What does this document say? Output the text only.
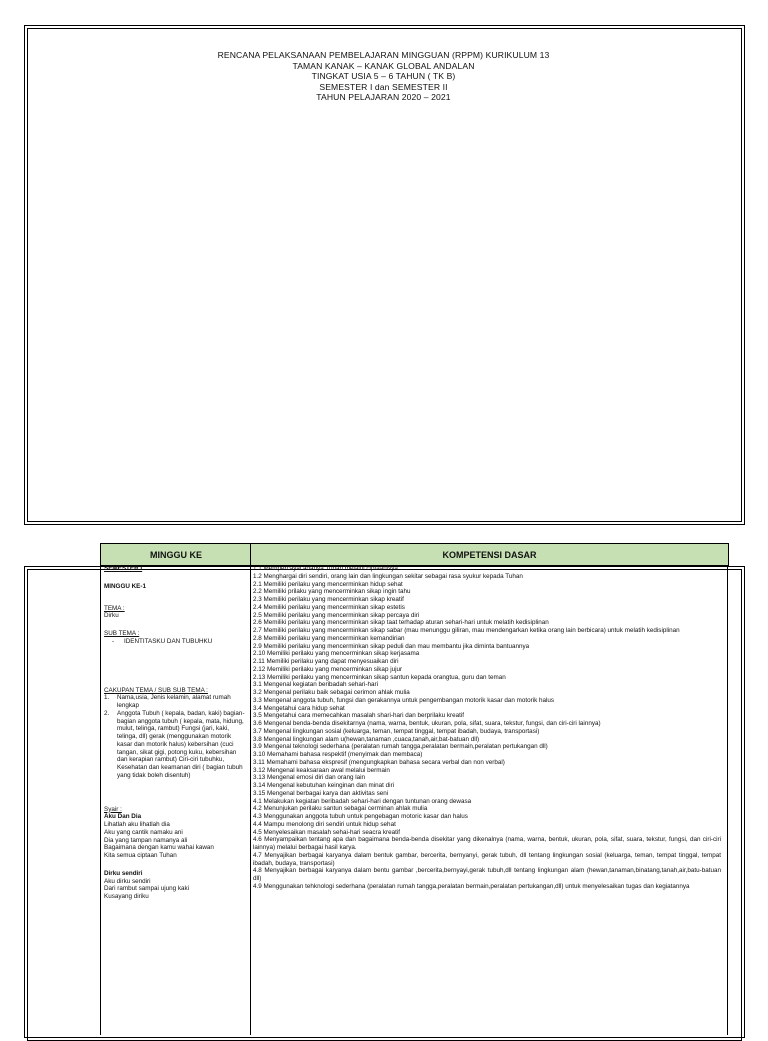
RENCANA PELAKSANAAN PEMBELAJARAN MINGGUAN (RPPM) KURIKULUM 13
TAMAN KANAK – KANAK GLOBAL ANDALAN
TINGKAT USIA 5 – 6 TAHUN ( TK B)
SEMESTER I dan SEMESTER II
TAHUN PELAJARAN 2020 – 2021
MINGGU KE	KOMPETENSI DASAR
SEMESTER I
MINGGU KE-1
TEMA :
Dirku
SUB TEMA :
-	IDENTITASKU DAN TUBUHKU
CAKUPAN TEMA / SUB SUB TEMA :
1.	Nama,usia, Jenis kelamin, alamat rumah lengkap
2.	Anggota Tubuh ( kepala, badan, kaki) bagian-bagian anggota tubuh ( kepala, mata, hidung, mulut, telinga, rambut) Fungsi (jari, kaki, telinga, dll) gerak (menggunakan motorik kasar dan motorik halus) kebersihan (cuci tangan, sikat gigi, potong kuku, kebersihan dan kerapian rambut) Ciri-ciri tubuhku, Kesehatan dan keamanan diri ( bagian tubuh yang tidak boleh disentuh)
Syair :
Aku Dan Dia
Lihatlah aku lihatlah dia
Aku yang cantik namaku ani
Dia yang tampan namanya ali
Bagaimana dengan kamu wahai kawan
Kita semua ciptaan Tuhan
Dirku sendiri
Aku dirku sendiri
Dari rambut sampai ujung kaki
Kusayang diriku
1.1 Mempercayai adanya Tuhan melalui ciptaanNya
1.2 Menghargai diri sendiri, orang lain dan lingkungan sekitar sebagai rasa syukur kepada Tuhan
2.1 Memiliki perilaku yang mencerminkan hidup sehat
2.2 Memiliki prilaku yang mencerminkan sikap ingin tahu
2.3 Memiliki perilaku yang mencerminkan sikap kreatif
2.4 Memiliki perilaku yang mencerminkan sikap estetis
2.5 Memiliki perilaku yang mencerminkan sikap percaya diri
2.6 Memiliki perilaku yang mencerminkan sikap taat terhadap aturan sehari-hari untuk melatih kedisiplinan
2.7 Memiliki perilaku yang mencerminkan sikap sabar (mau menunggu giliran, mau mendengarkan ketika orang lain berbicara) untuk melatih kedisiplinan
2.8 Memiliki perilaku yang mencerminkan kemandirian
2.9 Memiliki perilaku yang mencerminkan sikap peduli dan mau membantu jika diminta bantuannya
2.10 Memiliki perilaku yang mencerminkan sikap kerjasama
2.11 Memiliki perilaku yang dapat menyesuaikan diri
2.12 Memiliki perilaku yang mencerminkan sikap jujur
2.13 Memiliki perilaku yang mencerminkan sikap santun kepada orangtua, guru dan teman
3.1 Mengenal kegiatan beribadah sehari-hari
3.2 Mengenal perilaku baik sebagai cerimon ahlak mulia
3.3 Mengenal anggota tubuh, fungsi dan gerakannya untuk pengembangan motorik kasar dan motorik halus
3.4 Mengetahui cara hidup sehat
3.5 Mengetahui cara memecahkan masalah shari-hari dan berprilaku kreatif
3.6 Mengenal benda-benda disekitarnya (nama, warna, bentuk, ukuran, pola, sifat, suara, tekstur, fungsi, dan ciri-ciri lainnya)
3.7 Mengenal lingkungan sosial (keluarga, teman, tempat tinggal, tempat ibadah, budaya, transportasi)
3.8 Mengenal lingkungan alam u(hewan,tanaman ,cuaca,tanah,air,bat-batuan dll)
3.9 Mengenal teknologi sederhana (peralatan rumah tangga,peralatan bermain,peralatan pertukangan dll)
3.10 Memahami bahasa respektif (menyimak dan membaca)
3.11 Memahami bahasa ekspresif (mengungkapkan bahasa secara verbal dan non verbal)
3.12 Mengenal keaksaraan awal melalui bermain
3.13 Mengenal emosi diri dan orang lain
3.14 Mengenal kebutuhan keinginan dan minat diri
3.15 Mengenal berbagai karya dan aktivitas seni
4.1 Melakukan kegiatan beribadah sehari-hari dengan tuntunan orang dewasa
4.2 Menunjukan perilaku santun sebagai cerminan ahlak mulia
4.3 Menggunakan anggota tubuh untuk pengebagan motoric kasar dan halus
4.4 Mampu menolong diri sendiri untuk hidup sehat
4.5 Menyelesaikan masalah sehai-hari seacra kreatif
4.6 Menyampaikan tentang apa dan bagaimana benda-benda disekitar yang dikenalnya (nama, warna, bentuk, ukuran, pola, sifat, suara, tekstur, fungsi, dan ciri-ciri lainnya) melalui berbagai hasil karya.
4.7 Menyajikan berbagai karyanya dalam bentuk gambar, bercerita, bernyanyi, gerak tubuh, dll tentang lingkungan sosial (keluarga, teman, tempat tinggal, tempat ibadah, budaya, transportasi)
4.8 Menyajikan berbagai karyanya dalam bentu gambar ,bercerita,bernyayi,gerak tubuh,dll tentang lingkungan alam (hewan,tanaman,binatang,tanah,air,batu-batuan dll)
4.9 Menggunakan tehknologi sederhana (peralatan rumah tangga,peralatan bermain,peralatan pertukangan,dll) untuk menyelesaikan tugas dan kegiatannya
